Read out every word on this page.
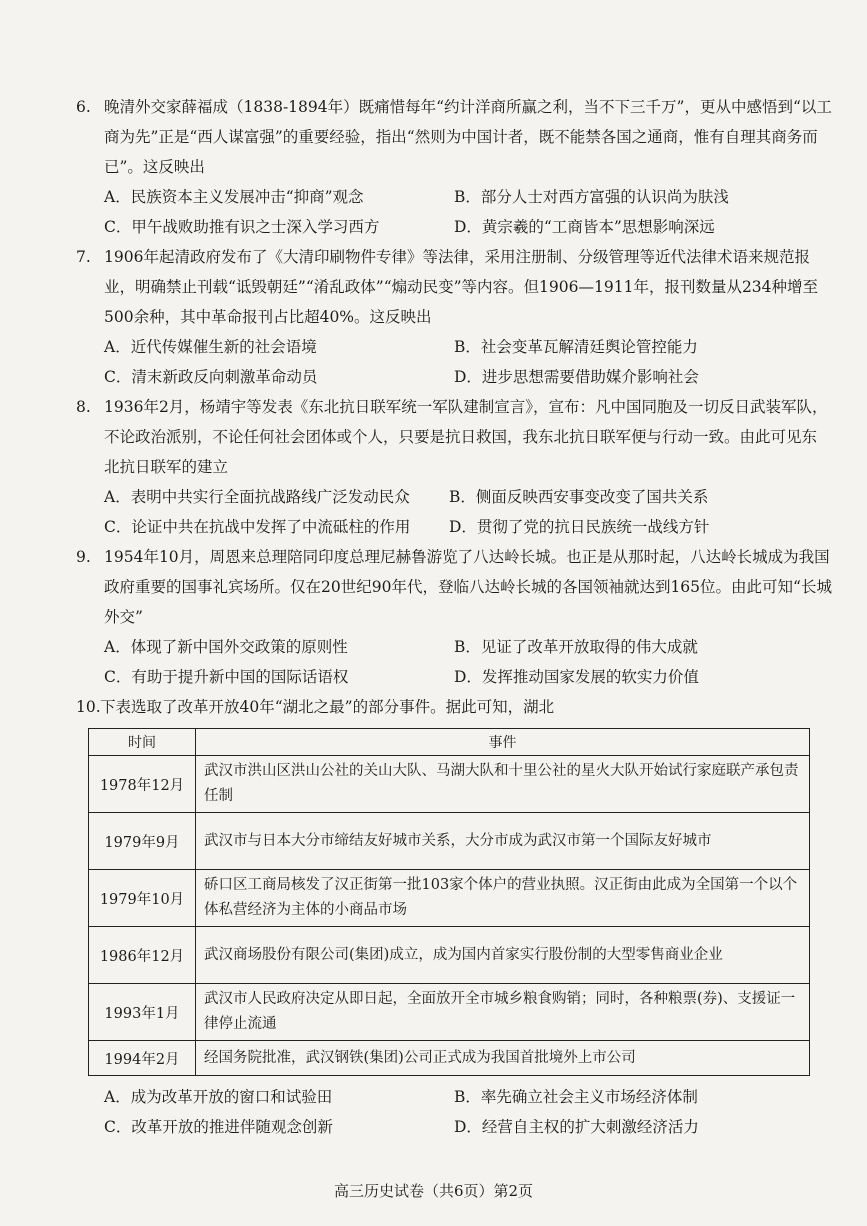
6. 晚清外交家薛福成（1838-1894年）既痛惜每年“约计洋商所赢之利，当不下三千万”，更从中感悟到“以工商为先”正是“西人谋富强”的重要经验，指出“然则为中国计者，既不能禁各国之通商，惟有自理其商务而已”。这反映出
A．民族资本主义发展冲击“抑商”观念	B．部分人士对西方富强的认识尚为肤浅
C．甲午战败助推有识之士深入学习西方	D．黄宗羲的“工商皆本”思想影响深远
7. 1906年起清政府发布了《大清印刷物件专律》等法律，采用注册制、分级管理等近代法律术语来规范报业，明确禁止刊载“诋毁朝廷”“淆乱政体”“煽动民变”等内容。但1906—1911年，报刊数量从234种增至500余种，其中革命报刊占比超40%。这反映出
A．近代传媒催生新的社会语境	B．社会变革瓦解清廷舆论管控能力
C．清末新政反向刺激革命动员	D．进步思想需要借助媒介影响社会
8. 1936年2月，杨靖宇等发表《东北抗日联军统一军队建制宣言》，宣布：凡中国同胞及一切反日武装军队，不论政治派别，不论任何社会团体或个人，只要是抗日救国，我东北抗日联军便与行动一致。由此可见东北抗日联军的建立
A．表明中共实行全面抗战路线广泛发动民众	B．侧面反映西安事变改变了国共关系
C．论证中共在抗战中发挥了中流砥柱的作用	D．贯彻了党的抗日民族统一战线方针
9. 1954年10月，周恩来总理陪同印度总理尼赫鲁游览了八达岭长城。也正是从那时起，八达岭长城成为我国政府重要的国事礼宾场所。仅在20世纪90年代，登临八达岭长城的各国领袖就达到165位。由此可知“长城外交”
A．体现了新中国外交政策的原则性	B．见证了改革开放取得的伟大成就
C．有助于提升新中国的国际话语权	D．发挥推动国家发展的软实力价值
10. 下表选取了改革开放40年“湖北之最”的部分事件。据此可知，湖北
时间	事件
1978年12月	武汉市洪山区洪山公社的关山大队、马湖大队和十里公社的星火大队开始试行家庭联产承包责任制
1979年9月	武汉市与日本大分市缔结友好城市关系，大分市成为武汉市第一个国际友好城市
1979年10月	硚口区工商局核发了汉正街第一批103家个体户的营业执照。汉正街由此成为全国第一个以个体私营经济为主体的小商品市场
1986年12月	武汉商场股份有限公司(集团)成立，成为国内首家实行股份制的大型零售商业企业
1993年1月	武汉市人民政府决定从即日起，全面放开全市城乡粮食购销；同时，各种粮票(券)、支援证一律停止流通
1994年2月	经国务院批准，武汉钢铁(集团)公司正式成为我国首批境外上市公司
A．成为改革开放的窗口和试验田	B．率先确立社会主义市场经济体制
C．改革开放的推进伴随观念创新	D．经营自主权的扩大刺激经济活力
高三历史试卷（共6页）第2页
